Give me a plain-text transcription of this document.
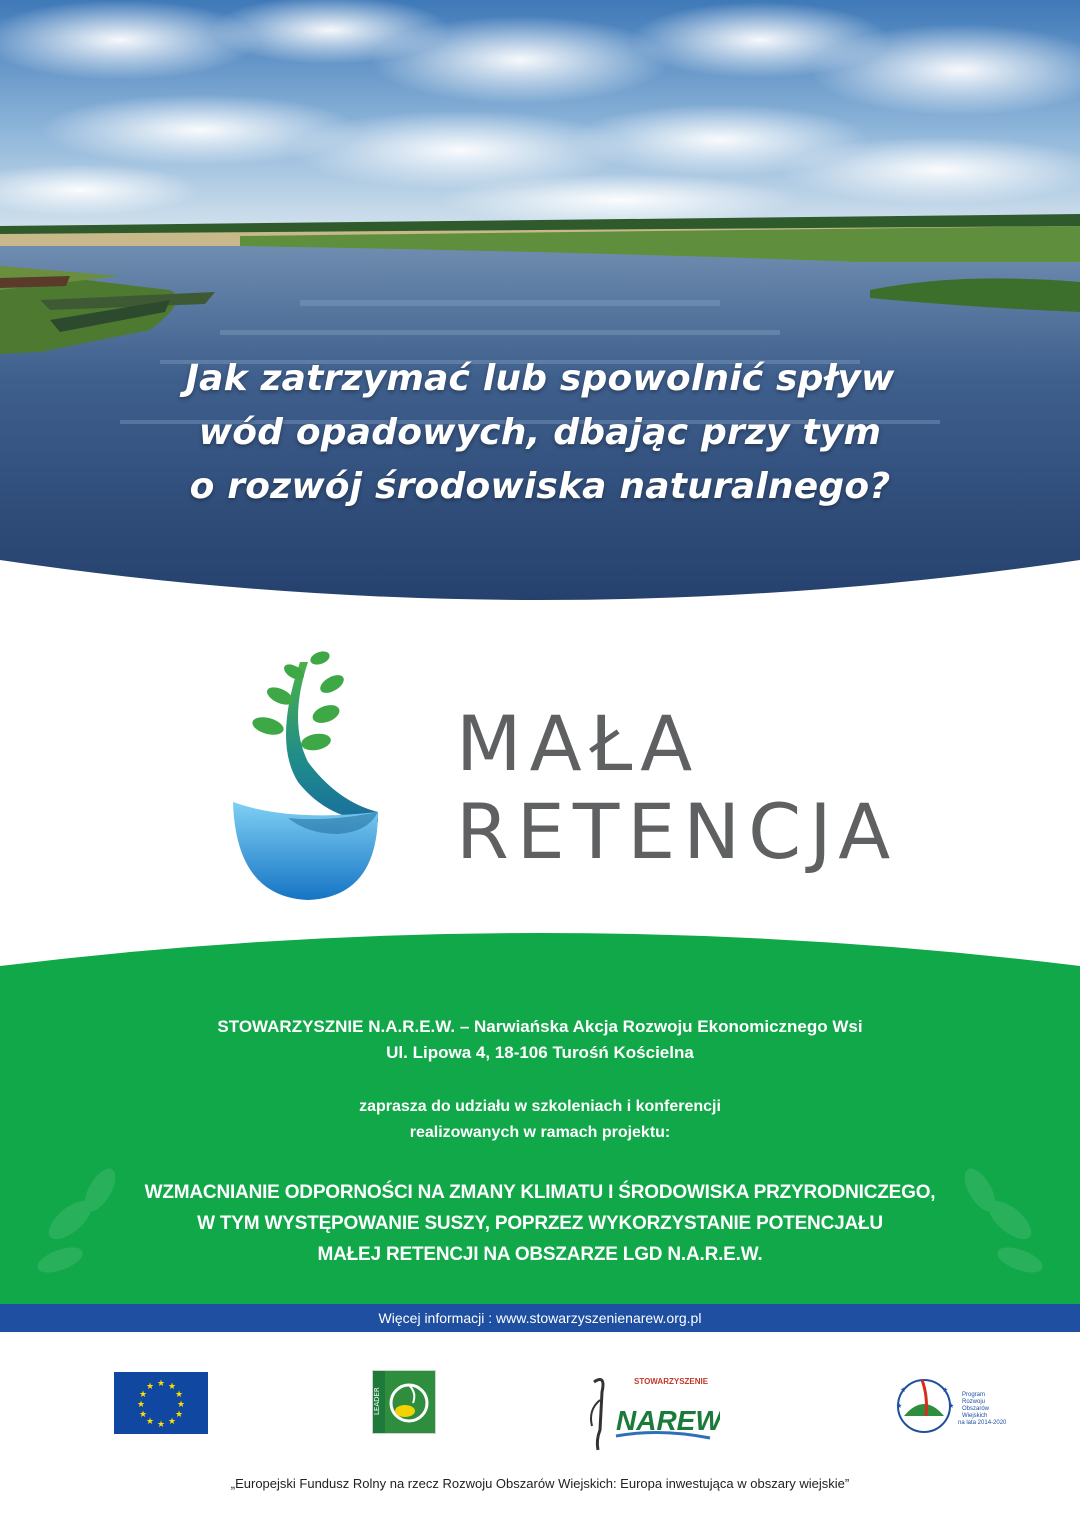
Jak zatrzymać lub spowolnić spływ
wód opadowych, dbając przy tym
o rozwój środowiska naturalnego?
MAŁA
RETENCJA
STOWARZYSZNIE N.A.R.E.W. – Narwiańska Akcja Rozwoju Ekonomicznego Wsi
Ul. Lipowa 4, 18-106 Turośń Kościelna
zaprasza do udziału w szkoleniach i konferencji
realizowanych w ramach projektu:
WZMACNIANIE ODPORNOŚCI NA ZMANY KLIMATU I ŚRODOWISKA PRZYRODNICZEGO,
W TYM WYSTĘPOWANIE SUSZY, POPRZEZ WYKORZYSTANIE POTENCJAŁU
MAŁEJ RETENCJI NA OBSZARZE LGD N.A.R.E.W.
Więcej informacji : www.stowarzyszenienarew.org.pl
★ ★
★
★
★
★
★
★
★
★
★
★
LEADER
STOWARZYSZENIE
NAREW
★	★
★	★
Program
Rozwoju
Obszarów
Wiejskich
na lata 2014-2020
„Europejski Fundusz Rolny na rzecz Rozwoju Obszarów Wiejskich: Europa inwestująca w obszary wiejskie”
